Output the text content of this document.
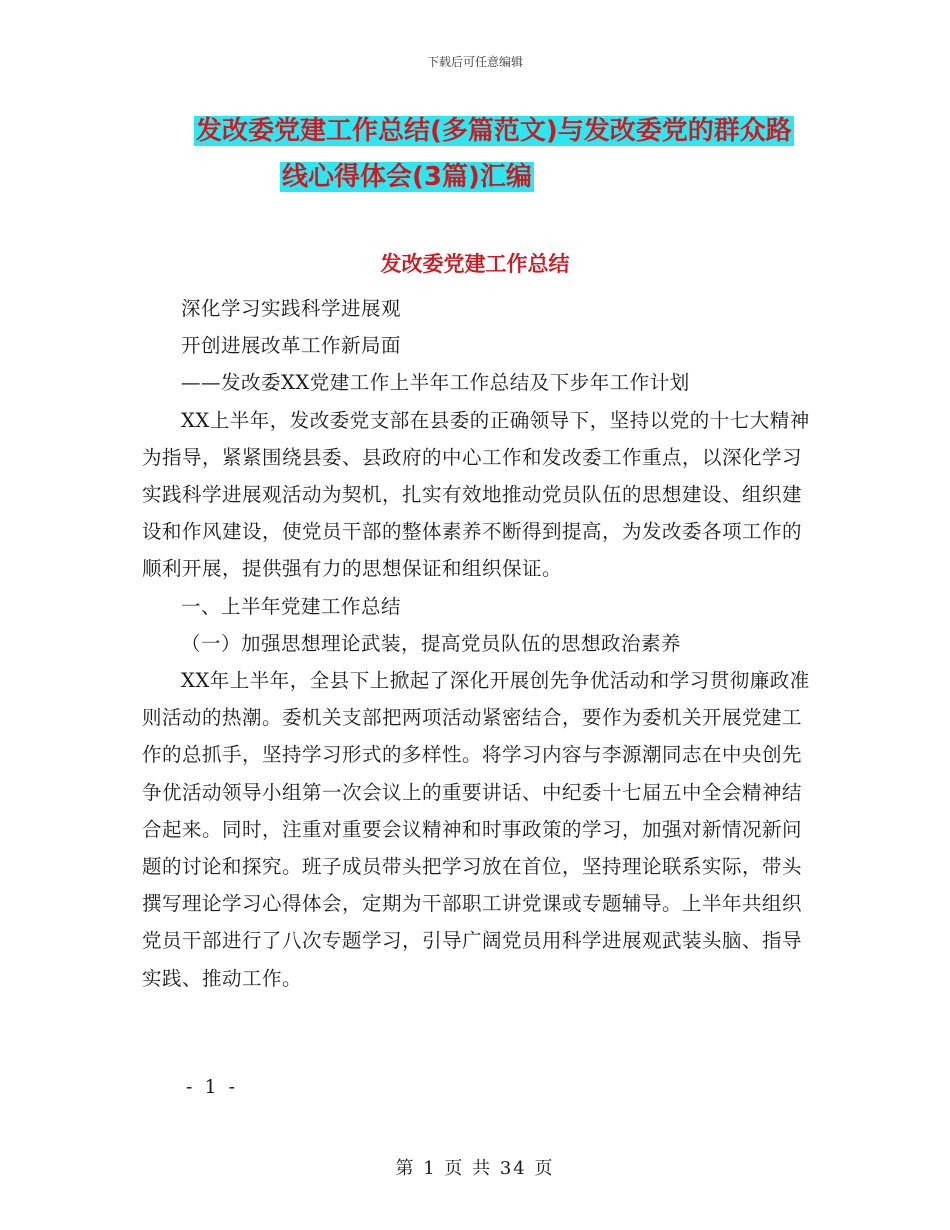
下载后可任意编辑
发改委党建工作总结(多篇范文)与发改委党的群众路
线心得体会(3篇)汇编
发改委党建工作总结

深化学习实践科学进展观

开创进展改革工作新局面

——发改委XX党建工作上半年工作总结及下步年工作计划

XX上半年，发改委党支部在县委的正确领导下，坚持以党的十七大精神为指导，紧紧围绕县委、县政府的中心工作和发改委工作重点，以深化学习实践科学进展观活动为契机，扎实有效地推动党员队伍的思想建设、组织建设和作风建设，使党员干部的整体素养不断得到提高，为发改委各项工作的顺利开展，提供强有力的思想保证和组织保证。

一、上半年党建工作总结

（一）加强思想理论武装，提高党员队伍的思想政治素养

XX年上半年，全县下上掀起了深化开展创先争优活动和学习贯彻廉政准则活动的热潮。委机关支部把两项活动紧密结合，要作为委机关开展党建工作的总抓手，坚持学习形式的多样性。将学习内容与李源潮同志在中央创先争优活动领导小组第一次会议上的重要讲话、中纪委十七届五中全会精神结合起来。同时，注重对重要会议精神和时事政策的学习，加强对新情况新问题的讨论和探究。班子成员带头把学习放在首位，坚持理论联系实际，带头撰写理论学习心得体会，定期为干部职工讲党课或专题辅导。上半年共组织党员干部进行了八次专题学习，引导广阔党员用科学进展观武装头脑、指导实践、推动工作。

- 1 -
第 1 页 共 34 页
